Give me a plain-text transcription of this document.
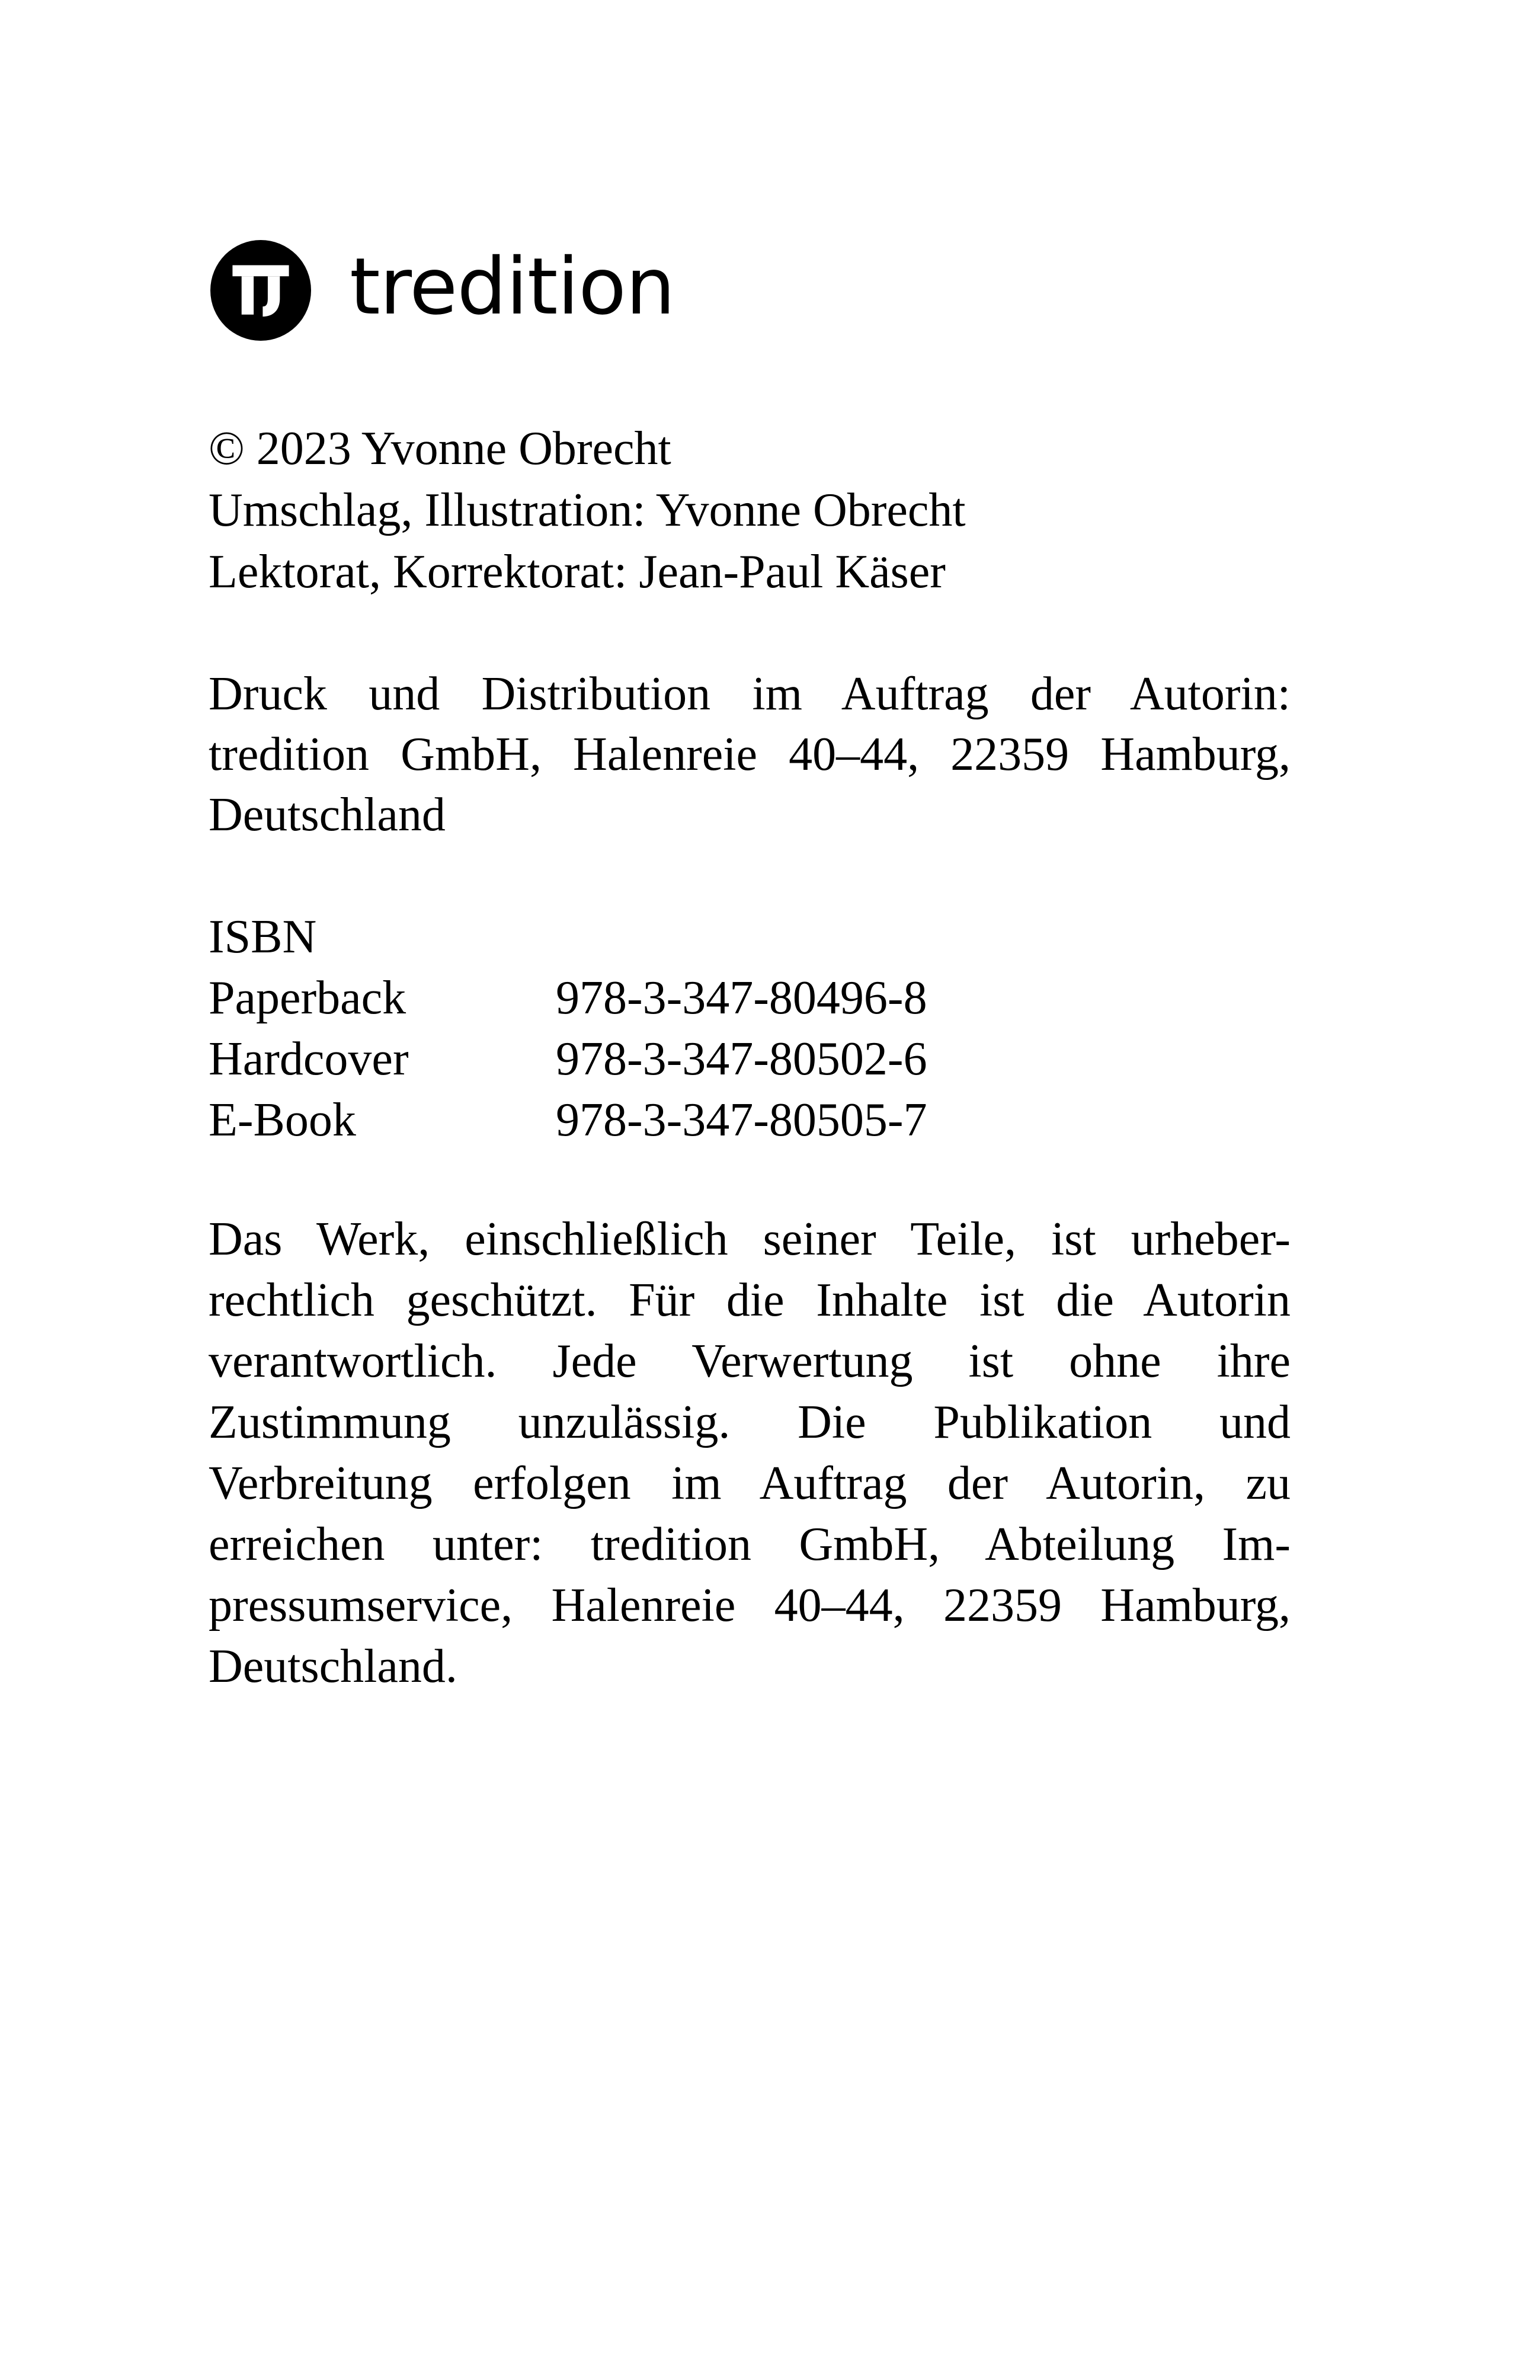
tredition
© 2023 Yvonne Obrecht
Umschlag, Illustration: Yvonne Obrecht
Lektorat, Korrektorat: Jean-Paul Käser
Druck und Distribution im Auftrag der Autorin:
tredition GmbH, Halenreie 40–44, 22359 Hamburg,
Deutschland
ISBN
Paperback	978-3-347-80496-8
Hardcover	978-3-347-80502-6
E-Book	978-3-347-80505-7
Das Werk, einschließlich seiner Teile, ist urheber-
rechtlich geschützt. Für die Inhalte ist die Autorin
verantwortlich. Jede Verwertung ist ohne ihre
Zustimmung unzulässig. Die Publikation und
Verbreitung erfolgen im Auftrag der Autorin, zu
erreichen unter: tredition GmbH, Abteilung Im-
pressumservice, Halenreie 40–44, 22359 Hamburg,
Deutschland.
